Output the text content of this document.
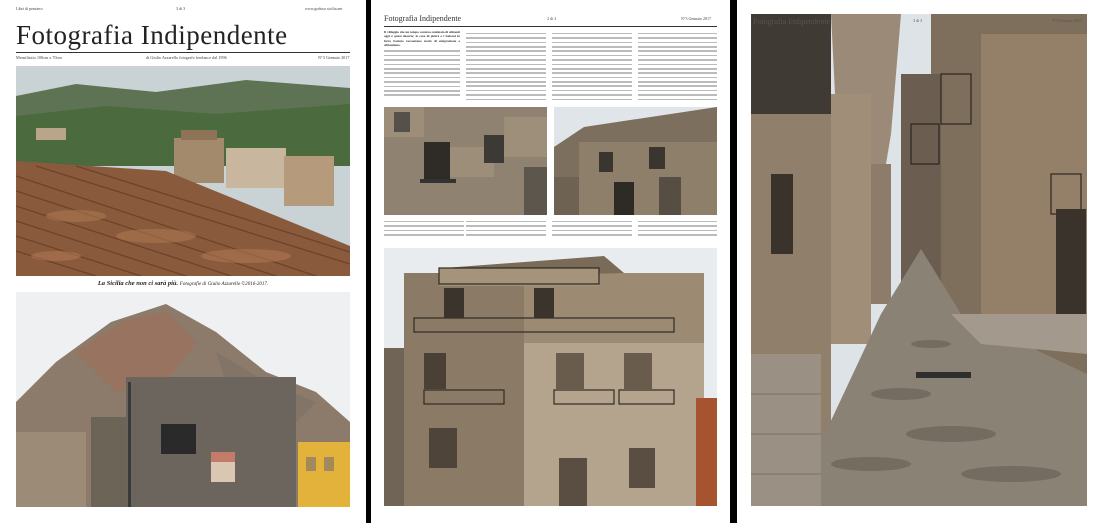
Libri di pensiero	3 di 3	www.goduso.sicilia.net
Fotografia Indipendente
Mensilizzio 100cm x 70cm	di Giulio Azzarello fotografo freelance dal 1996	N°3 Gennaio 2017
La Sicilia che non ci sarà più. Fotografie di Giulio Azzarello ©2016-2017.
Fotografia Indipendente	2 di 3	N°3 Gennaio 2017
Il villaggio che un tempo contava centinaia di abitanti oggi è quasi deserto; le case di pietra e i balconi in ferro battuto raccontano storie di emigrazione e abbandono.
Fotografia Indipendente	3 di 3	N°3 Gennaio 2017
